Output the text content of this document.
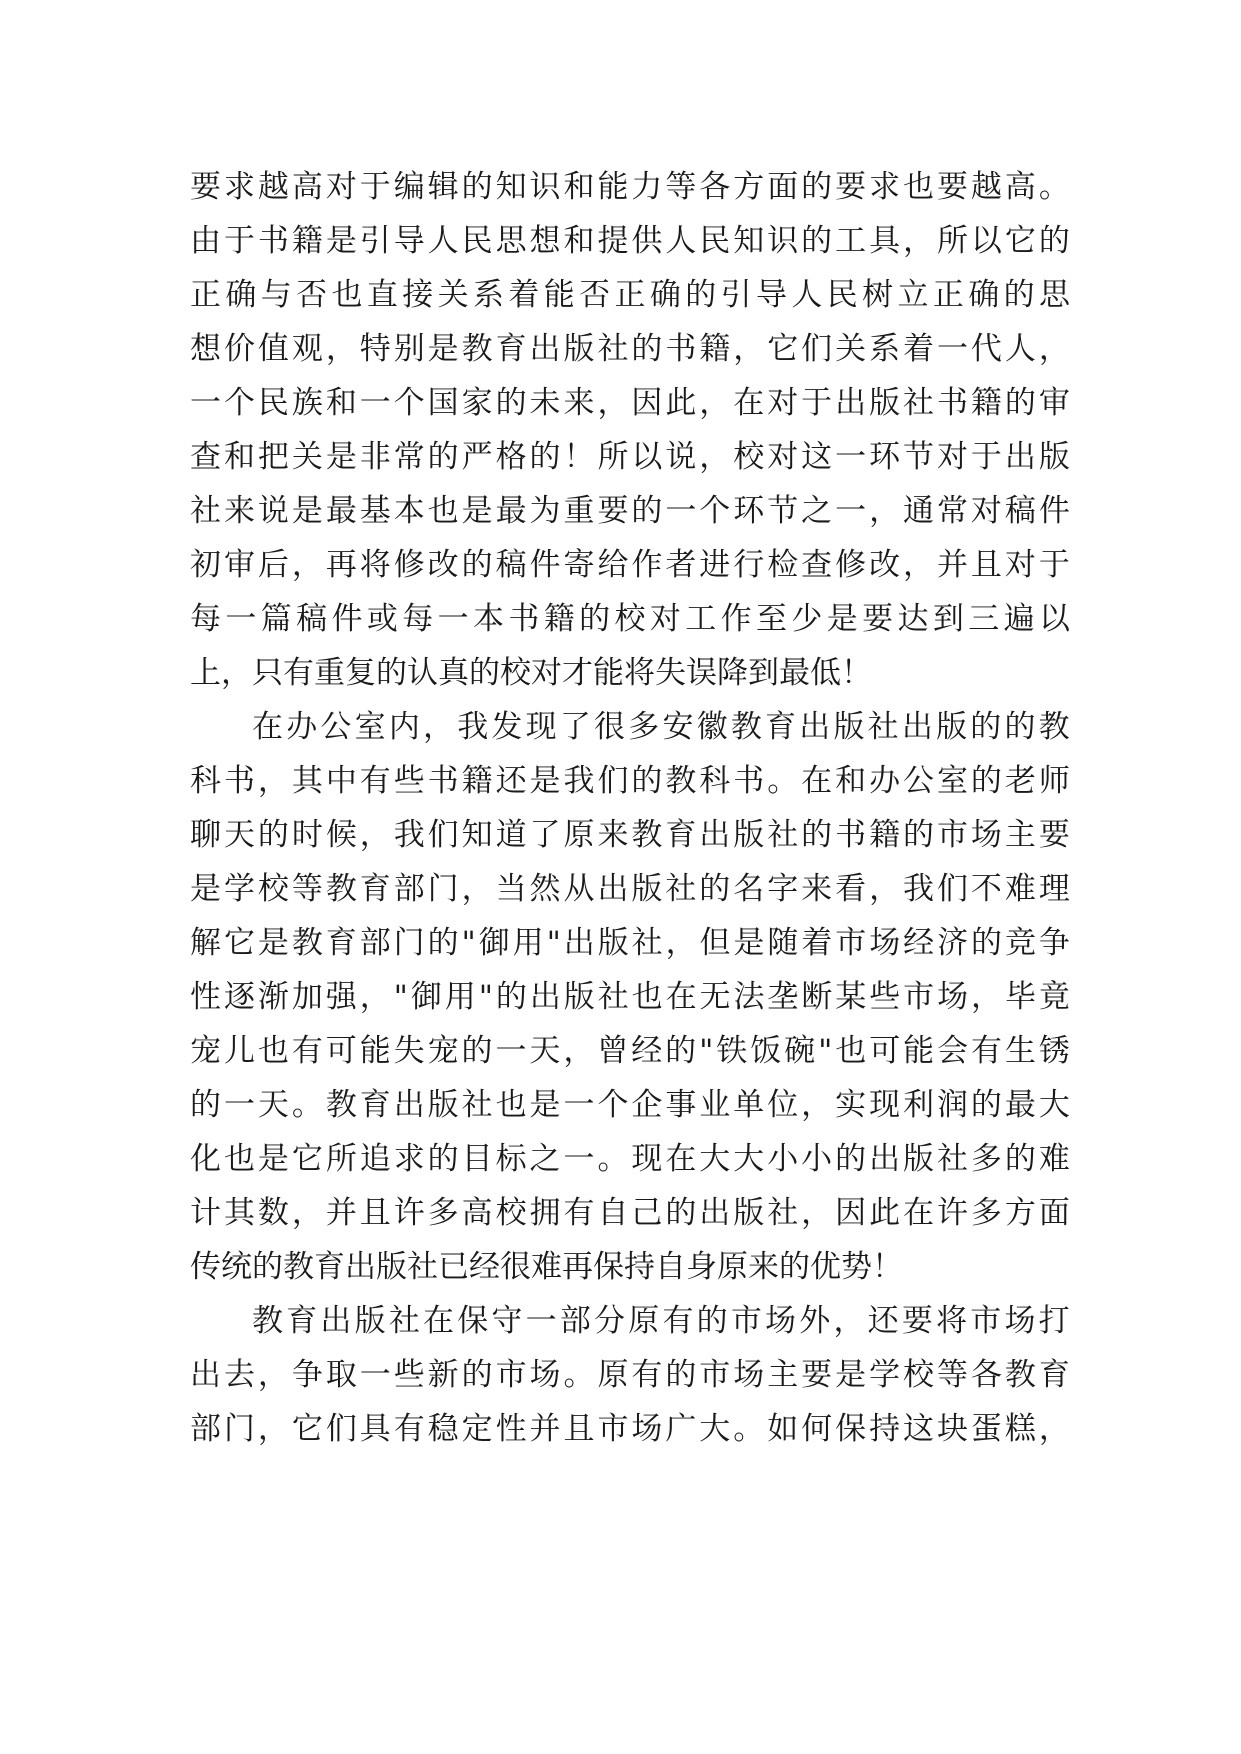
要 求 越 高 对 于 编 辑 的 知 识 和 能 力 等 各 方 面 的 要 求 也 要 越 高 。
由 于 书 籍 是 引 导 人 民 思 想 和 提 供 人 民 知 识 的 工 具 ， 所 以 它 的
正 确 与 否 也 直 接 关 系 着 能 否 正 确 的 引 导 人 民 树 立 正 确 的 思
想 价 值 观 ， 特 别 是 教 育 出 版 社 的 书 籍 ， 它 们 关 系 着 一 代 人 ，
一 个 民 族 和 一 个 国 家 的 未 来 ， 因 此 ， 在 对 于 出 版 社 书 籍 的 审
查 和 把 关 是 非 常 的 严 格 的 ！ 所 以 说 ， 校 对 这 一 环 节 对 于 出 版
社 来 说 是 最 基 本 也 是 最 为 重 要 的 一 个 环 节 之 一 ， 通 常 对 稿 件
初 审 后 ， 再 将 修 改 的 稿 件 寄 给 作 者 进 行 检 查 修 改 ， 并 且 对 于
每 一 篇 稿 件 或 每 一 本 书 籍 的 校 对 工 作 至 少 是 要 达 到 三 遍 以
上，只有重复的认真的校对才能将失误降到最低！
在 办 公 室 内 ， 我 发 现 了 很 多 安 徽 教 育 出 版 社 出 版 的 的 教
科 书 ， 其 中 有 些 书 籍 还 是 我 们 的 教 科 书 。 在 和 办 公 室 的 老 师
聊 天 的 时 候 ， 我 们 知 道 了 原 来 教 育 出 版 社 的 书 籍 的 市 场 主 要
是 学 校 等 教 育 部 门 ， 当 然 从 出 版 社 的 名 字 来 看 ， 我 们 不 难 理
解 它 是 教 育 部 门 的 " 御 用 " 出 版 社 ， 但 是 随 着 市 场 经 济 的 竞 争
性 逐 渐 加 强 ， " 御 用 " 的 出 版 社 也 在 无 法 垄 断 某 些 市 场 ， 毕 竟
宠 儿 也 有 可 能 失 宠 的 一 天 ， 曾 经 的 " 铁 饭 碗 " 也 可 能 会 有 生 锈
的 一 天 。 教 育 出 版 社 也 是 一 个 企 事 业 单 位 ， 实 现 利 润 的 最 大
化 也 是 它 所 追 求 的 目 标 之 一 。 现 在 大 大 小 小 的 出 版 社 多 的 难
计 其 数 ， 并 且 许 多 高 校 拥 有 自 己 的 出 版 社 ， 因 此 在 许 多 方 面
传统的教育出版社已经很难再保持自身原来的优势！
教 育 出 版 社 在 保 守 一 部 分 原 有 的 市 场 外 ， 还 要 将 市 场 打
出 去 ， 争 取 一 些 新 的 市 场 。 原 有 的 市 场 主 要 是 学 校 等 各 教 育
部 门 ， 它 们 具 有 稳 定 性 并 且 市 场 广 大 。 如 何 保 持 这 块 蛋 糕 ，
